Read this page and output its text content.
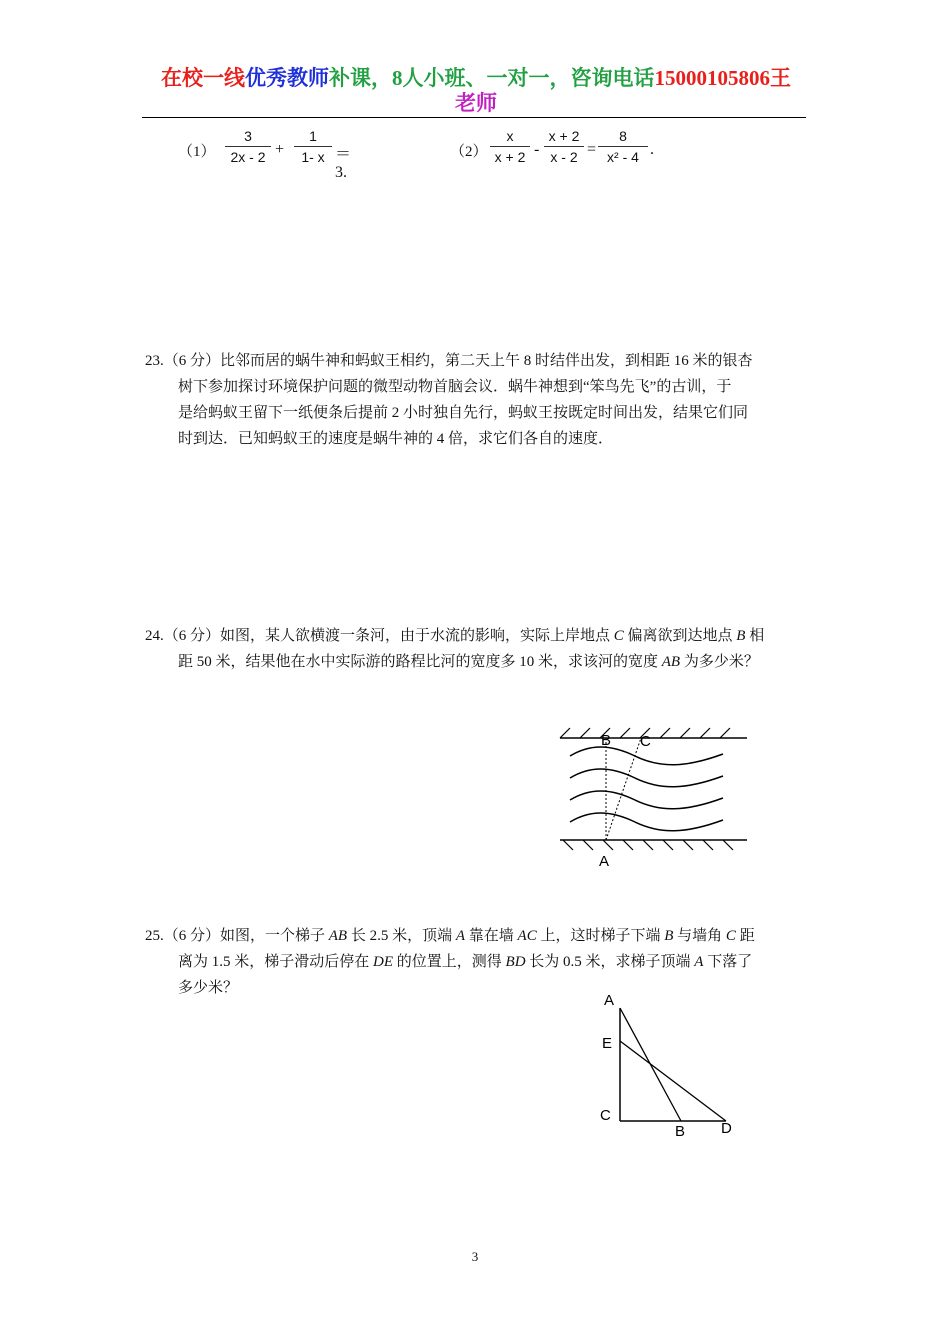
在校一线优秀教师补课，8人小班、一对一，咨询电话15000105806王
老师
$(1) \frac{3}{2x - 2} + \frac{1}{1- x} =3$.
$(2) \frac{x}{x + 2} - \frac{x + 2}{x - 2} = \frac{8}{\text{x² - 4}}$ .
23.（6 分）比邻而居的蜗牛神和蚂蚁王相约，第二天上午 8 时结伴出发，到相距 16 米的银杏
树下参加探讨环境保护问题的微型动物首脑会议．蜗牛神想到“笨鸟先飞”的古训，于
是给蚂蚁王留下一纸便条后提前 2 小时独自先行，蚂蚁王按既定时间出发，结果它们同
时到达．已知蚂蚁王的速度是蜗牛神的 4 倍，求它们各自的速度．
24.（6 分）如图，某人欲横渡一条河，由于水流的影响，实际上岸地点 C 偏离欲到达地点 B 相
距 50 米，结果他在水中实际游的路程比河的宽度多 10 米，求该河的宽度 AB 为多少米？
B C
A
25.（6 分）如图，一个梯子 AB 长 2.5 米，顶端 A 靠在墙 AC 上，这时梯子下端 B 与墙角 C 距
离为 1.5 米，梯子滑动后停在 DE 的位置上，测得 BD 长为 0.5 米，求梯子顶端 A 下落了
多少米？
A
E
C
B D
3
